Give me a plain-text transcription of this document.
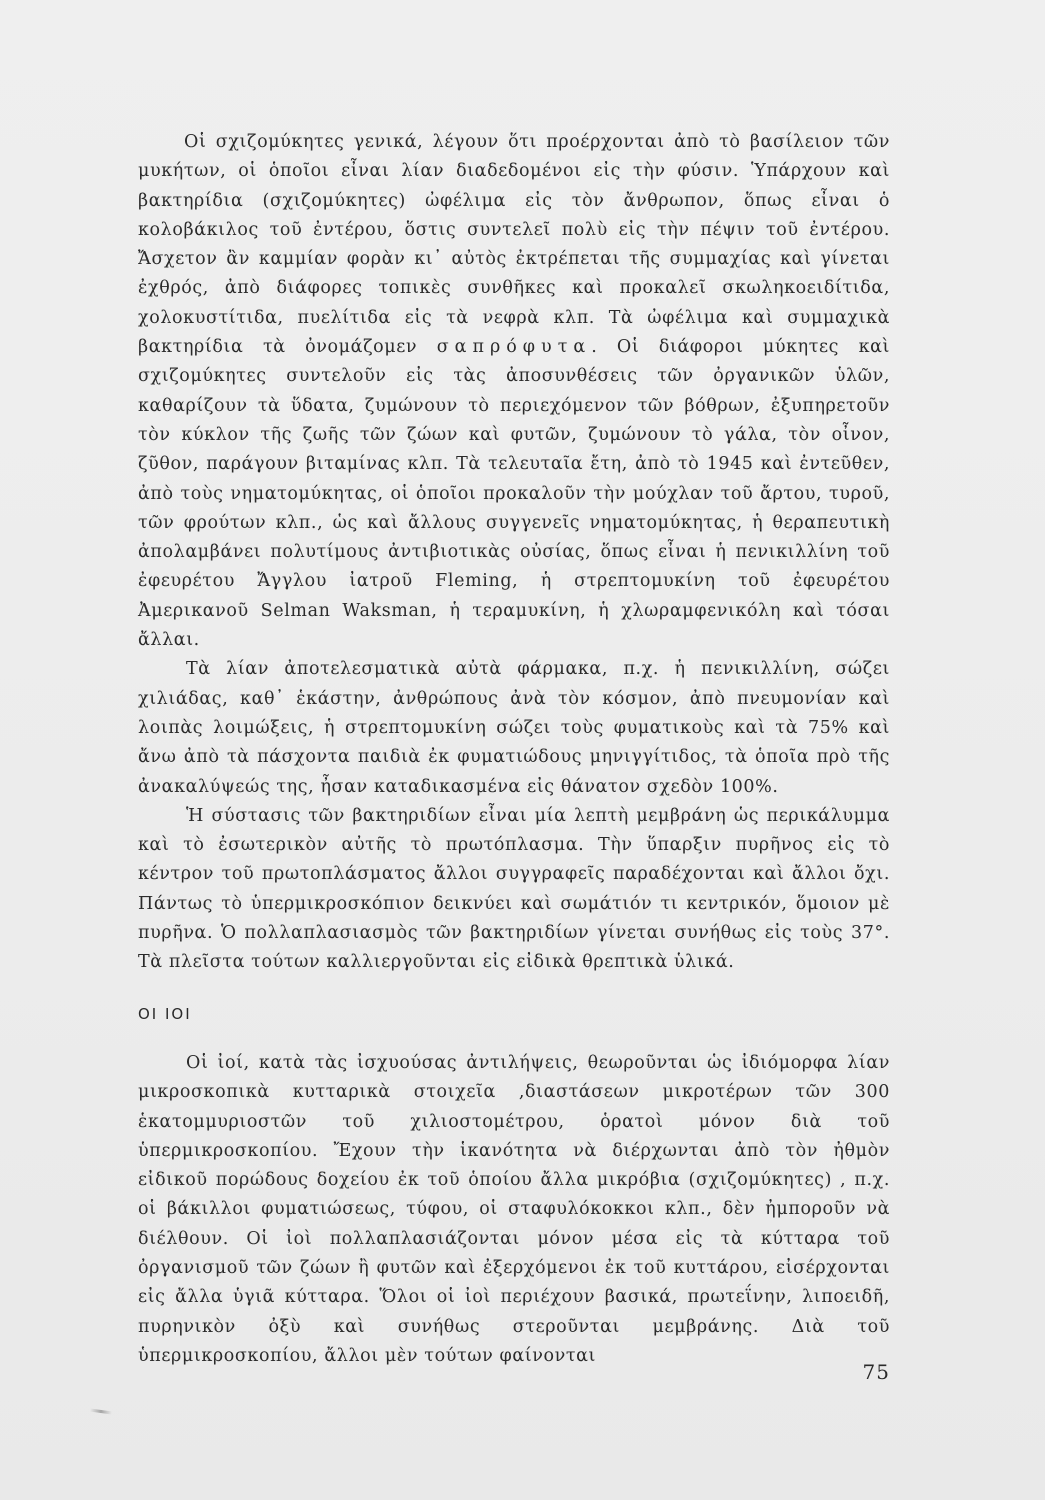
Οἱ σχιζομύκητες γενικά, λέγουν ὅτι προέρχονται ἀπὸ τὸ βασίλειον τῶν μυκήτων, οἱ ὁποῖοι εἶναι λίαν διαδεδομένοι εἰς τὴν φύσιν. Ὑπάρχουν καὶ βακτηρίδια (σχιζομύκητες) ὠφέλιμα εἰς τὸν ἄνθρωπον, ὅπως εἶναι ὁ κολοβάκιλος τοῦ ἐντέρου, ὅστις συντελεῖ πολὺ εἰς τὴν πέψιν τοῦ ἐντέρου. Ἄσχετον ἂν καμμίαν φορὰν κι᾽ αὐτὸς ἐκτρέπεται τῆς συμμαχίας καὶ γίνεται ἐχθρός, ἀπὸ διάφορες τοπικὲς συνθῆκες καὶ προκαλεῖ σκωληκοειδίτιδα, χολοκυστίτιδα, πυελίτιδα εἰς τὰ νεφρὰ κλπ. Τὰ ὠφέλιμα καὶ συμμαχικὰ βακτηρίδια τὰ ὀνομάζομεν σαπρόφυτα. Οἱ διάφοροι μύκητες καὶ σχιζομύκητες συντελοῦν εἰς τὰς ἀποσυνθέσεις τῶν ὀργανικῶν ὑλῶν, καθαρίζουν τὰ ὕδατα, ζυμώνουν τὸ περιεχόμενον τῶν βόθρων, ἐξυπηρετοῦν τὸν κύκλον τῆς ζωῆς τῶν ζώων καὶ φυτῶν, ζυμώνουν τὸ γάλα, τὸν οἶνον, ζῦθον, παράγουν βιταμίνας κλπ. Τὰ τελευταῖα ἔτη, ἀπὸ τὸ 1945 καὶ ἐντεῦθεν, ἀπὸ τοὺς νηματομύκητας, οἱ ὁποῖοι προκαλοῦν τὴν μούχλαν τοῦ ἄρτου, τυροῦ, τῶν φρούτων κλπ., ὡς καὶ ἄλλους συγγενεῖς νηματομύκητας, ἡ θεραπευτικὴ ἀπολαμβάνει πολυτίμους ἀντιβιοτικὰς οὐσίας, ὅπως εἶναι ἡ πενικιλλίνη τοῦ ἐφευρέτου Ἄγγλου ἰατροῦ Fleming, ἡ στρεπτομυκίνη τοῦ ἐφευρέτου Ἀμερικανοῦ Selman Waksman, ἡ τεραμυκίνη, ἡ χλωραμφενικόλη καὶ τόσαι ἄλλαι.

Τὰ λίαν ἀποτελεσματικὰ αὐτὰ φάρμακα, π.χ. ἡ πενικιλλίνη, σώζει χιλιάδας, καθ᾽ ἑκάστην, ἀνθρώπους ἀνὰ τὸν κόσμον, ἀπὸ πνευμονίαν καὶ λοιπὰς λοιμώξεις, ἡ στρεπτομυκίνη σώζει τοὺς φυματικοὺς καὶ τὰ 75% καὶ ἄνω ἀπὸ τὰ πάσχοντα παιδιὰ ἐκ φυματιώδους μηνιγγίτιδος, τὰ ὁποῖα πρὸ τῆς ἀνακαλύψεώς της, ἦσαν καταδικασμένα εἰς θάνατον σχεδὸν 100%.

Ἡ σύστασις τῶν βακτηριδίων εἶναι μία λεπτὴ μεμβράνη ὡς περικάλυμμα καὶ τὸ ἐσωτερικὸν αὐτῆς τὸ πρωτόπλασμα. Τὴν ὕπαρξιν πυρῆνος εἰς τὸ κέντρον τοῦ πρωτοπλάσματος ἄλλοι συγγραφεῖς παραδέχονται καὶ ἄλλοι ὄχι. Πάντως τὸ ὑπερμικροσκόπιον δεικνύει καὶ σωμάτιόν τι κεντρικόν, ὅμοιον μὲ πυρῆνα. Ὁ πολλαπλασιασμὸς τῶν βακτηριδίων γίνεται συνήθως εἰς τοὺς 37°. Τὰ πλεῖστα τούτων καλλιεργοῦνται εἰς εἰδικὰ θρεπτικὰ ὑλικά.

ΟΙ ΙΟΙ

Οἱ ἰοί, κατὰ τὰς ἰσχυούσας ἀντιλήψεις, θεωροῦνται ὡς ἰδιόμορφα λίαν μικροσκοπικὰ κυτταρικὰ στοιχεῖα ,διαστάσεων μικροτέρων τῶν 300 ἑκατομμυριοστῶν τοῦ χιλιοστομέτρου, ὁρατοὶ μόνον διὰ τοῦ ὑπερμικροσκοπίου. Ἔχουν τὴν ἱκανότητα νὰ διέρχωνται ἀπὸ τὸν ἠθμὸν εἰδικοῦ πορώδους δοχείου ἐκ τοῦ ὁποίου ἄλλα μικρόβια (σχιζομύκητες) , π.χ. οἱ βάκιλλοι φυματιώσεως, τύφου, οἱ σταφυλόκοκκοι κλπ., δὲν ἠμποροῦν νὰ διέλθουν. Οἱ ἰοὶ πολλαπλασιάζονται μόνον μέσα εἰς τὰ κύτταρα τοῦ ὀργανισμοῦ τῶν ζώων ἢ φυτῶν καὶ ἐξερχόμενοι ἐκ τοῦ κυττάρου, εἰσέρχονται εἰς ἄλλα ὑγιᾶ κύτταρα. Ὅλοι οἱ ἰοὶ περιέχουν βασικά, πρωτεΐνην, λιποειδῆ, πυρηνικὸν ὀξὺ καὶ συνήθως στεροῦνται μεμβράνης. Διὰ τοῦ ὑπερμικροσκοπίου, ἄλλοι μὲν τούτων φαίνονται

75
